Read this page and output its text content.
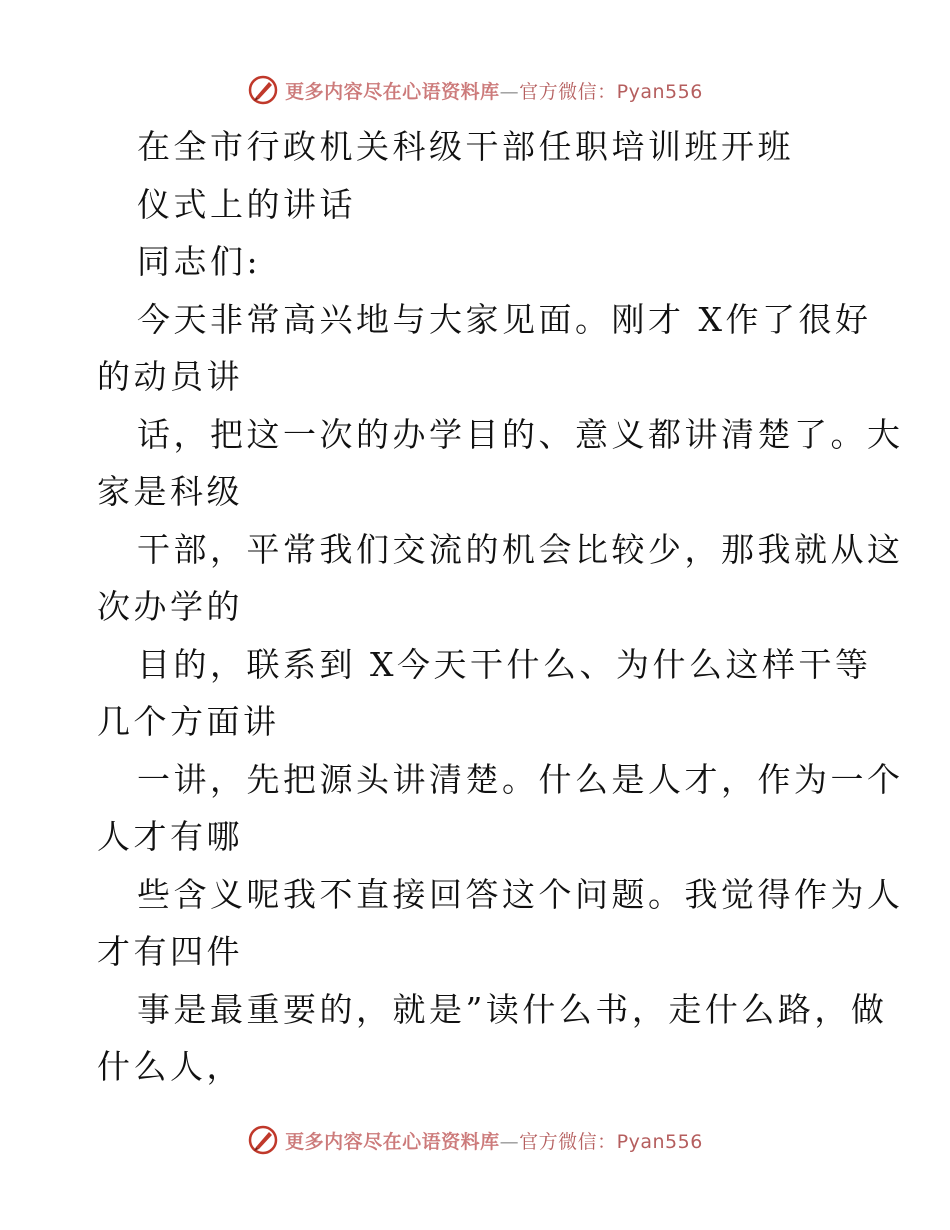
更多内容尽在心语资料库—官方微信：Pyan556
在全市行政机关科级干部任职培训班开班
仪式上的讲话
同志们:
今天非常高兴地与大家见面。刚才 X作了很好
的动员讲
话，把这一次的办学目的、意义都讲清楚了。大
家是科级
干部，平常我们交流的机会比较少，那我就从这
次办学的
目的，联系到 X今天干什么、为什么这样干等
几个方面讲
一讲，先把源头讲清楚。什么是人才，作为一个
人才有哪
些含义呢我不直接回答这个问题。我觉得作为人
才有四件
事是最重要的，就是”读什么书，走什么路，做
什么人，
更多内容尽在心语资料库—官方微信：Pyan556
